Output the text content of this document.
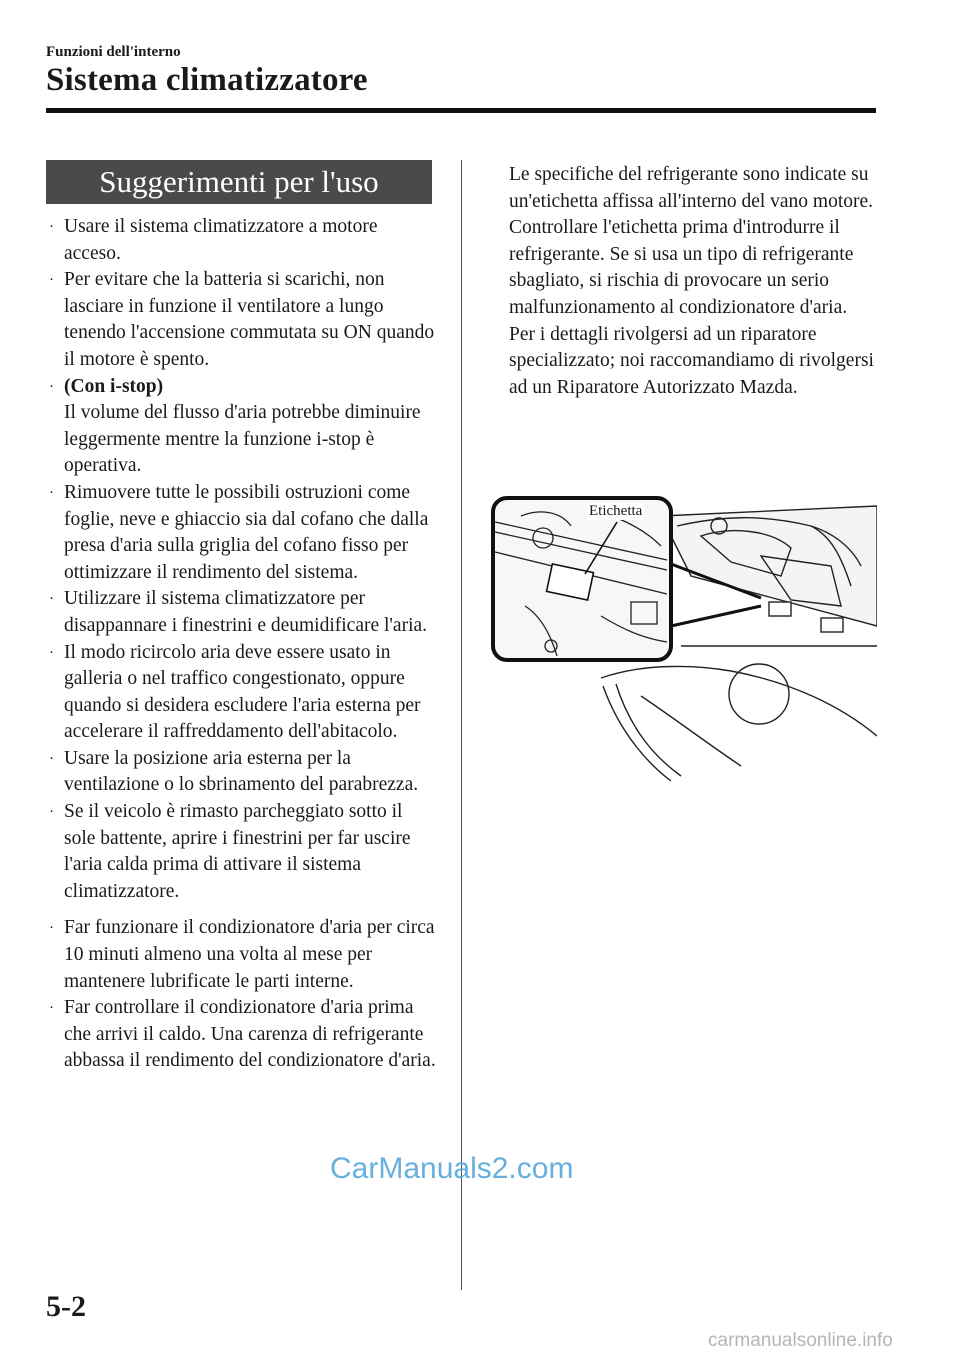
Funzioni dell'interno
Sistema climatizzatore
Suggerimenti per l'uso
· Usare il sistema climatizzatore a motore acceso.
· Per evitare che la batteria si scarichi, non lasciare in funzione il ventilatore a lungo tenendo l'accensione commutata su ON quando il motore è spento.
· (Con i-stop)
Il volume del flusso d'aria potrebbe diminuire leggermente mentre la funzione i-stop è operativa.
· Rimuovere tutte le possibili ostruzioni come foglie, neve e ghiaccio sia dal cofano che dalla presa d'aria sulla griglia del cofano fisso per ottimizzare il rendimento del sistema.
· Utilizzare il sistema climatizzatore per disappannare i finestrini e deumidificare l'aria.
· Il modo ricircolo aria deve essere usato in galleria o nel traffico congestionato, oppure quando si desidera escludere l'aria esterna per accelerare il raffreddamento dell'abitacolo.
· Usare la posizione aria esterna per la ventilazione o lo sbrinamento del parabrezza.
· Se il veicolo è rimasto parcheggiato sotto il sole battente, aprire i finestrini per far uscire l'aria calda prima di attivare il sistema climatizzatore.
· Far funzionare il condizionatore d'aria per circa 10 minuti almeno una volta al mese per mantenere lubrificate le parti interne.
· Far controllare il condizionatore d'aria prima che arrivi il caldo. Una carenza di refrigerante abbassa il rendimento del condizionatore d'aria.

Le specifiche del refrigerante sono indicate su un'etichetta affissa all'interno del vano motore. Controllare l'etichetta prima d'introdurre il refrigerante. Se si usa un tipo di refrigerante sbagliato, si rischia di provocare un serio malfunzionamento al condizionatore d'aria.

Per i dettagli rivolgersi ad un riparatore specializzato; noi raccomandiamo di rivolgersi ad un Riparatore Autorizzato Mazda.

Etichetta
CarManuals2.com
5-2
carmanualsonline.info
